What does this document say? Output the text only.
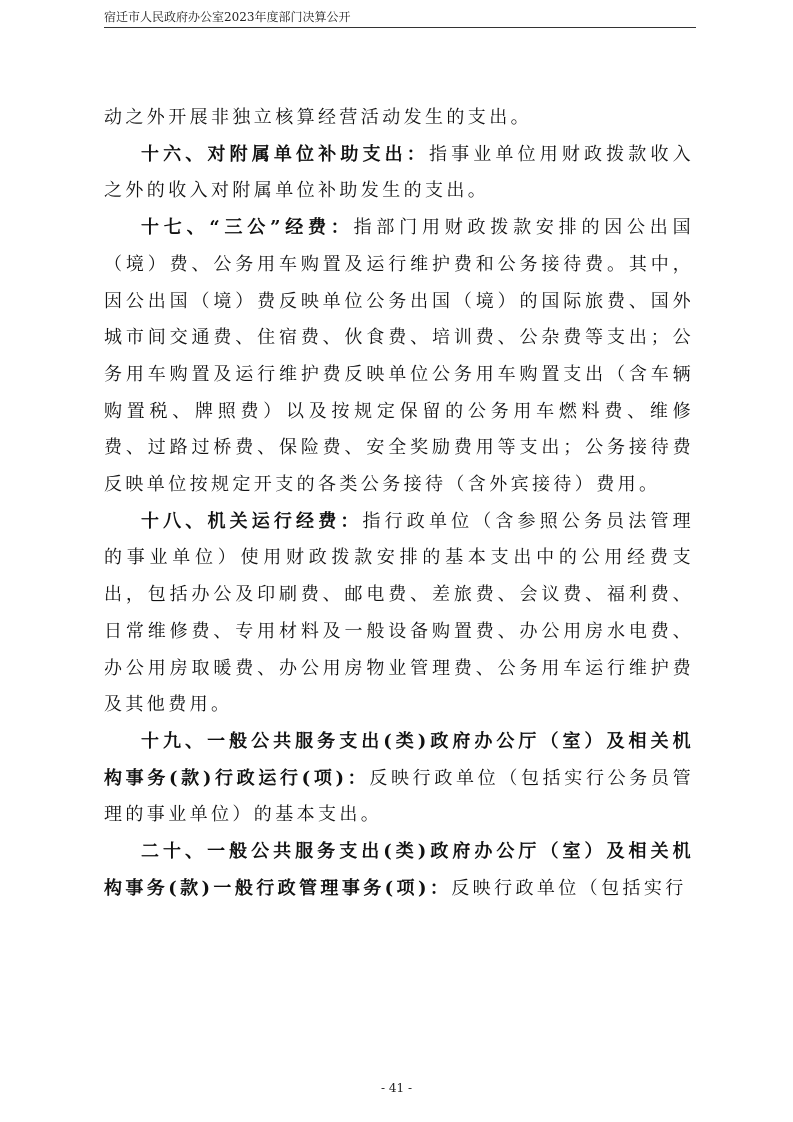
宿迁市人民政府办公室2023年度部门决算公开

动之外开展非独立核算经营活动发生的支出。

十六、对附属单位补助支出：指事业单位用财政拨款收入之外的收入对附属单位补助发生的支出。

十七、“三公”经费：指部门用财政拨款安排的因公出国（境）费、公务用车购置及运行维护费和公务接待费。其中，因公出国（境）费反映单位公务出国（境）的国际旅费、国外城市间交通费、住宿费、伙食费、培训费、公杂费等支出；公务用车购置及运行维护费反映单位公务用车购置支出（含车辆购置税、牌照费）以及按规定保留的公务用车燃料费、维修费、过路过桥费、保险费、安全奖励费用等支出；公务接待费反映单位按规定开支的各类公务接待（含外宾接待）费用。

十八、机关运行经费：指行政单位（含参照公务员法管理的事业单位）使用财政拨款安排的基本支出中的公用经费支出，包括办公及印刷费、邮电费、差旅费、会议费、福利费、日常维修费、专用材料及一般设备购置费、办公用房水电费、办公用房取暖费、办公用房物业管理费、公务用车运行维护费及其他费用。

十九、一般公共服务支出(类)政府办公厅（室）及相关机构事务(款)行政运行(项)：反映行政单位（包括实行公务员管理的事业单位）的基本支出。

二十、一般公共服务支出(类)政府办公厅（室）及相关机构事务(款)一般行政管理事务(项)：反映行政单位（包括实行

- 41 -
